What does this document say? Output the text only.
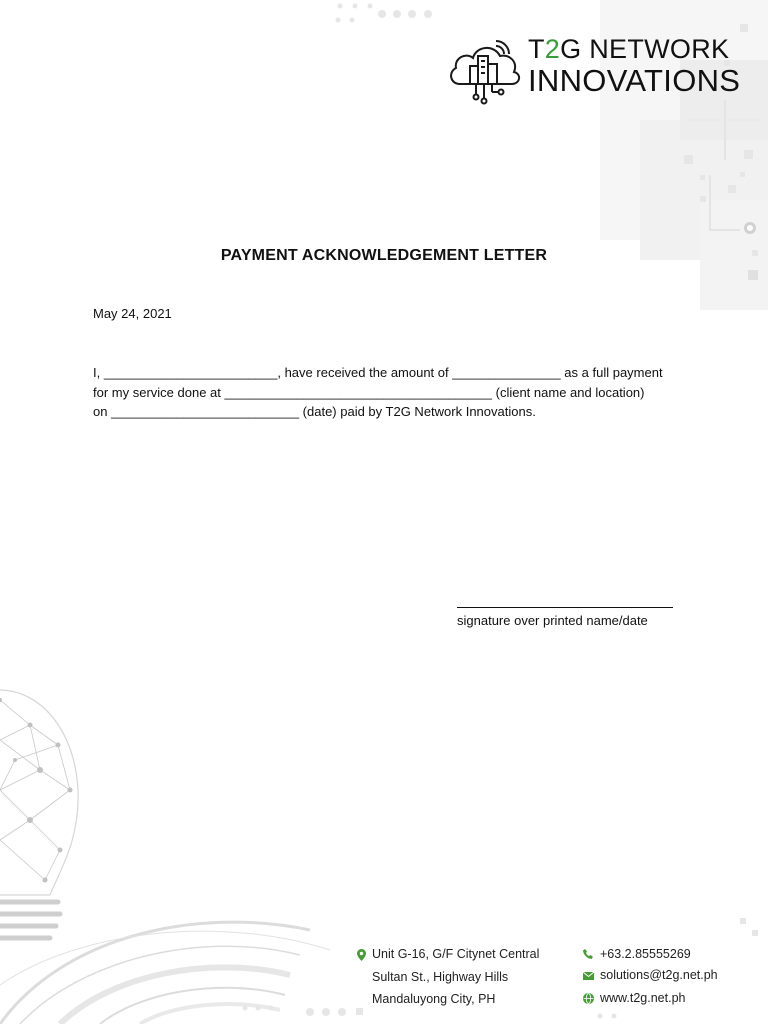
T2G NETWORK
INNOVATIONS
PAYMENT ACKNOWLEDGEMENT LETTER
May 24, 2021
I, ________________________, have received the amount of _______________ as a full payment
for my service done at _____________________________________ (client name and location)
on __________________________ (date) paid by T2G Network Innovations.
signature over printed name/date
Unit G-16, G/F Citynet Central
Sultan St., Highway Hills
Mandaluyong City, PH
+63.2.85555269
solutions@t2g.net.ph
www.t2g.net.ph
